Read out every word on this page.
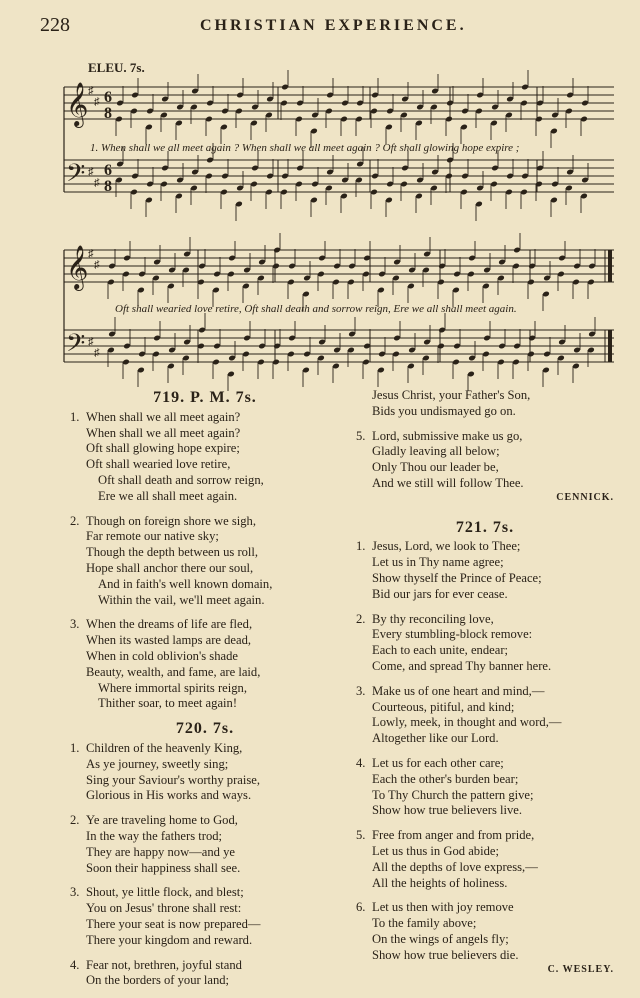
228	CHRISTIAN EXPERIENCE.
ELEU. 7s.
𝄞
𝄢
♯
♯
♯
♯
6
8
6
8
𝄞
𝄢
♯
♯
♯
♯
1. When shall we all meet again ? When shall we all meet again ? Oft shall glowing hope expire ;
Oft shall wearied love retire, Oft shall death and sorrow reign, Ere we all shall meet again.
719. P. M. 7s.
1. When shall we all meet again?
When shall we all meet again?
Oft shall glowing hope expire;
Oft shall wearied love retire,
Oft shall death and sorrow reign,
Ere we all shall meet again.
2. Though on foreign shore we sigh,
Far remote our native sky;
Though the depth between us roll,
Hope shall anchor there our soul,
And in faith's well known domain,
Within the vail, we'll meet again.
3. When the dreams of life are fled,
When its wasted lamps are dead,
When in cold oblivion's shade
Beauty, wealth, and fame, are laid,
Where immortal spirits reign,
Thither soar, to meet again!
720. 7s.
1. Children of the heavenly King,
As ye journey, sweetly sing;
Sing your Saviour's worthy praise,
Glorious in His works and ways.
2. Ye are traveling home to God,
In the way the fathers trod;
They are happy now—and ye
Soon their happiness shall see.
3. Shout, ye little flock, and blest;
You on Jesus' throne shall rest:
There your seat is now prepared—
There your kingdom and reward.
4. Fear not, brethren, joyful stand
On the borders of your land;
Jesus Christ, your Father's Son,
Bids you undismayed go on.
5. Lord, submissive make us go,
Gladly leaving all below;
Only Thou our leader be,
And we still will follow Thee.
CENNICK.
721. 7s.
1. Jesus, Lord, we look to Thee;
Let us in Thy name agree;
Show thyself the Prince of Peace;
Bid our jars for ever cease.
2. By thy reconciling love,
Every stumbling-block remove:
Each to each unite, endear;
Come, and spread Thy banner here.
3. Make us of one heart and mind,—
Courteous, pitiful, and kind;
Lowly, meek, in thought and word,—
Altogether like our Lord.
4. Let us for each other care;
Each the other's burden bear;
To Thy Church the pattern give;
Show how true believers live.
5. Free from anger and from pride,
Let us thus in God abide;
All the depths of love express,—
All the heights of holiness.
6. Let us then with joy remove
To the family above;
On the wings of angels fly;
Show how true believers die.
C. WESLEY.
